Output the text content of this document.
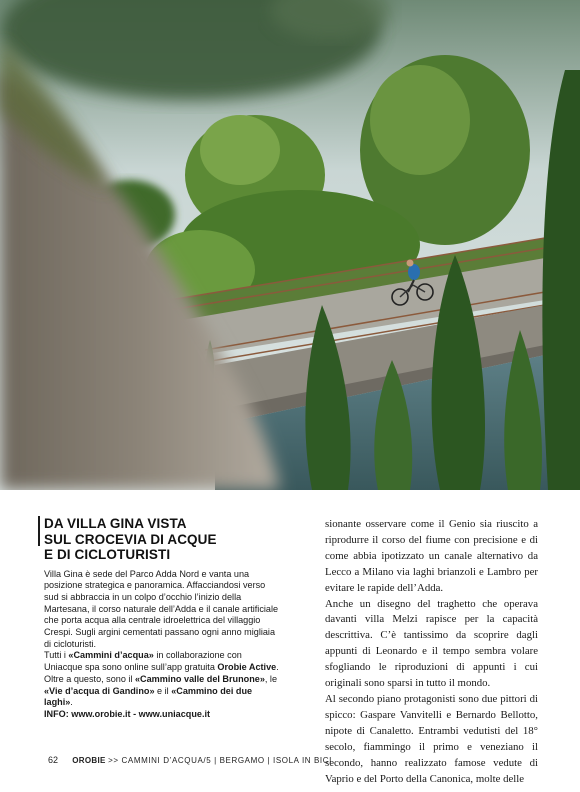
DA VILLA GINA VISTA
SUL CROCEVIA DI ACQUE
E DI CICLOTURISTI

Villa Gina è sede del Parco Adda Nord e vanta una posizione strategica e panoramica. Affacciandosi verso sud si abbraccia in un colpo d’occhio l’inizio della Martesana, il corso naturale dell’Adda e il canale artificiale che porta acqua alla centrale idroelettrica del villaggio Crespi. Sugli argini cementati passano ogni anno migliaia di cicloturisti.

Tutti i «Cammini d’acqua» in collaborazione con Uniacque spa sono online sull’app gratuita Orobie Active. Oltre a questo, sono il «Cammino valle del Brunone», le «Vie d’acqua di Gandino» e il «Cammino dei due laghi».

INFO: www.orobie.it - www.uniacque.it

sionante osservare come il Genio sia riuscito a riprodurre il corso del fiume con precisione e di come abbia ipotizzato un canale alternativo da Lecco a Milano via laghi brianzoli e Lambro per evitare le rapide dell’Adda.

Anche un disegno del traghetto che operava davanti villa Melzi rapisce per la capacità descrittiva. C’è tantissimo da scoprire dagli appunti di Leonardo e il tempo sembra volare sfogliando le riproduzioni di appunti i cui originali sono sparsi in tutto il mondo.

Al secondo piano protagonisti sono due pittori di spicco: Gaspare Vanvitelli e Bernardo Bellotto, nipote di Canaletto. Entrambi vedutisti del 18° secolo, fiammingo il primo e veneziano il secondo, hanno realizzato famose vedute di Vaprio e del Porto della Canonica, molte delle

62 OROBIE >> CAMMINI D’ACQUA/5 | BERGAMO | ISOLA IN BICI
